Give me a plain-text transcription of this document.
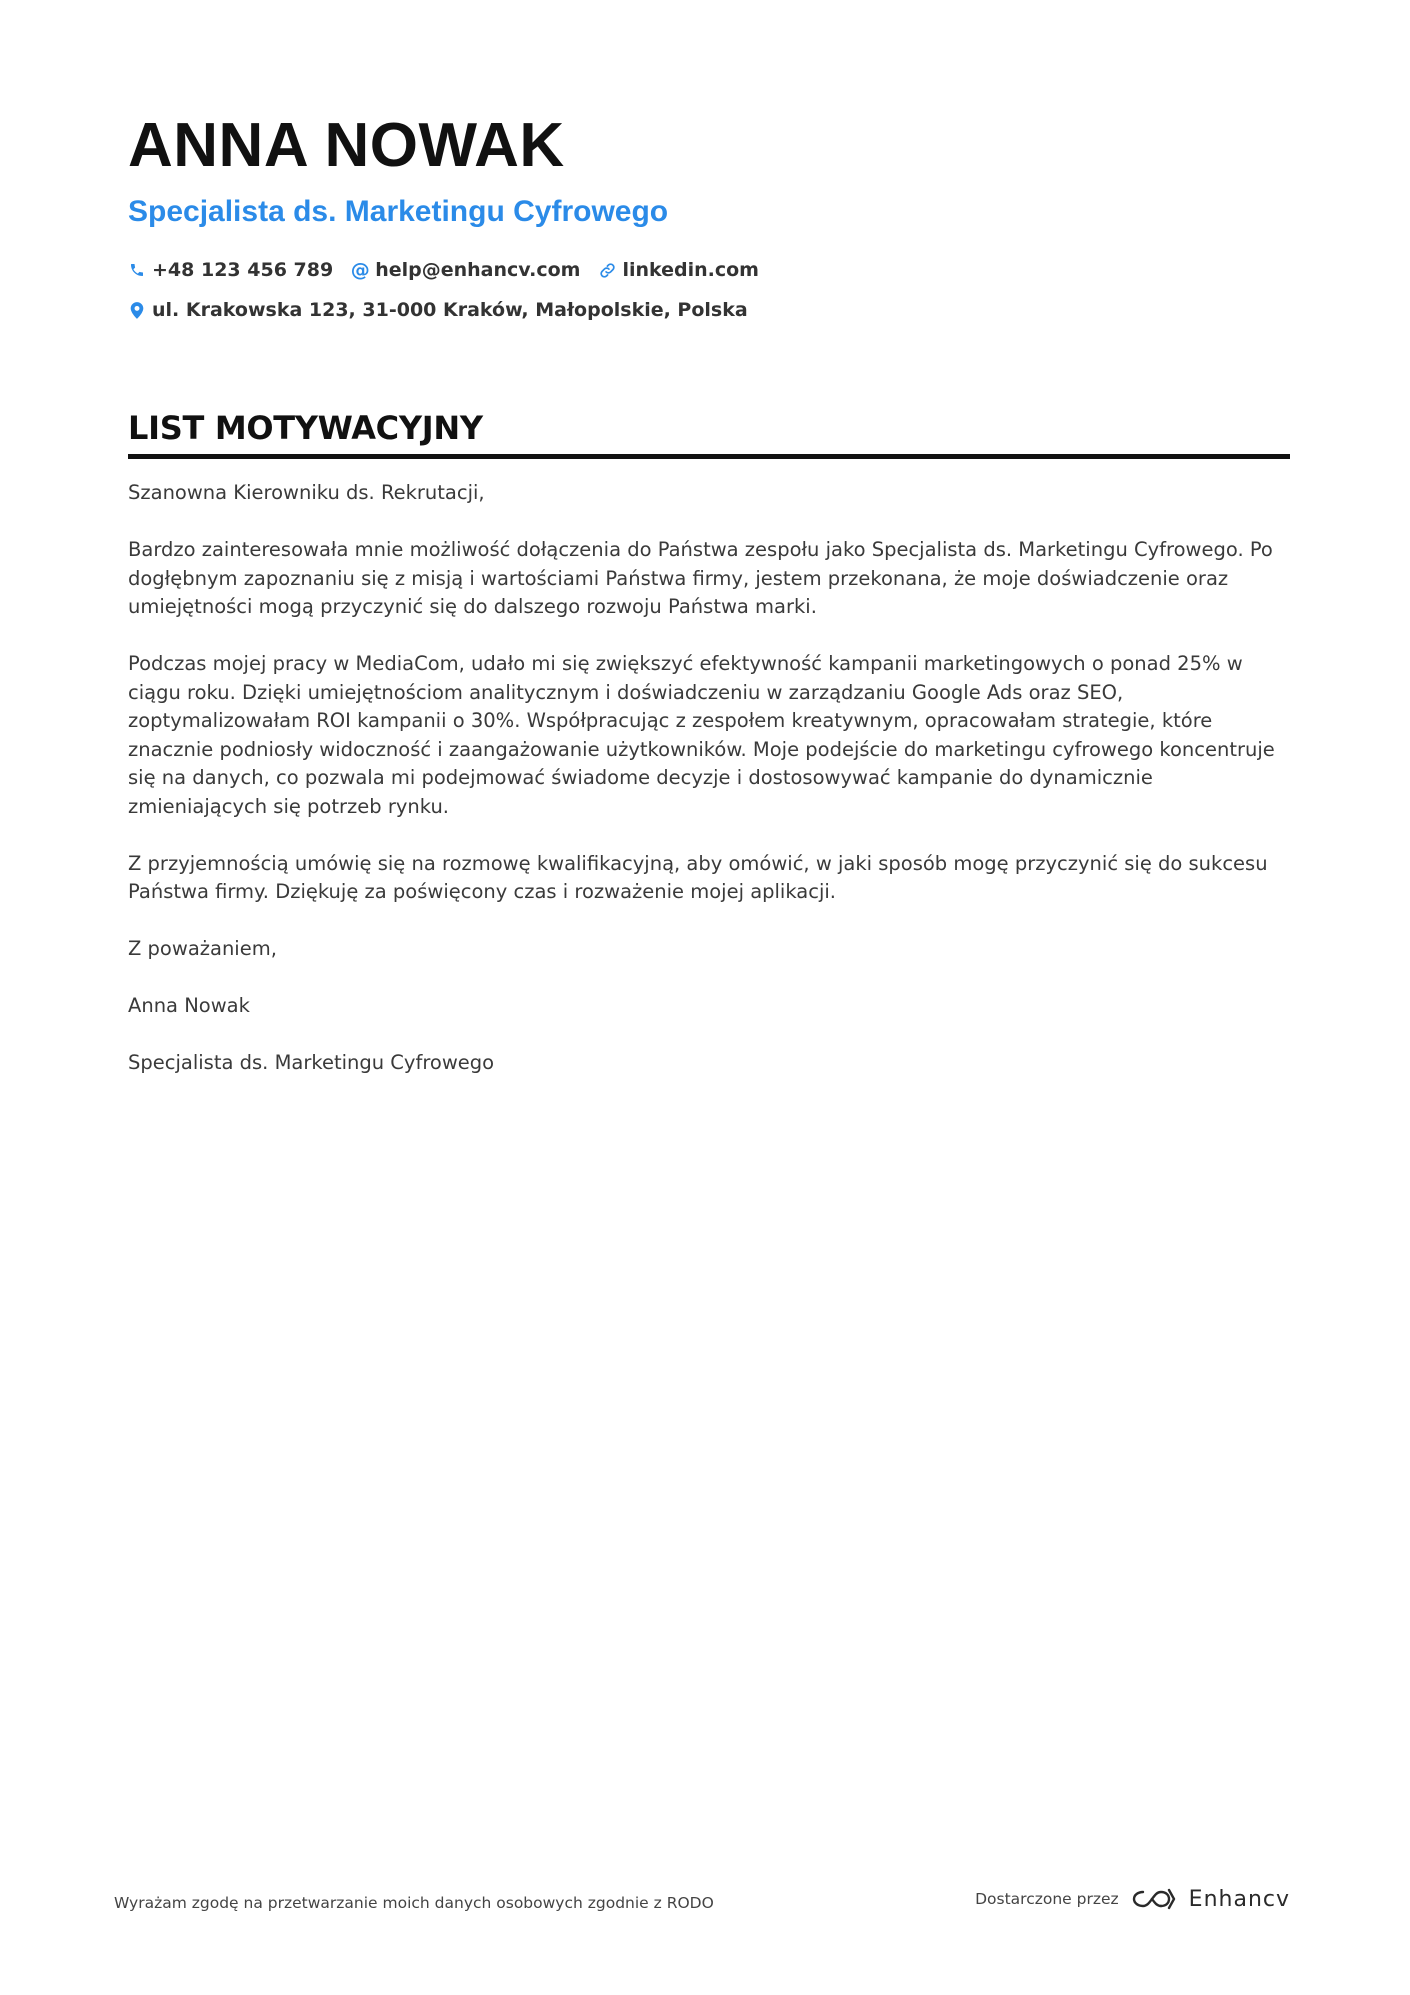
ANNA NOWAK
Specjalista ds. Marketingu Cyfrowego
+48 123 456 789 @ help@enhancv.com linkedin.com
ul. Krakowska 123, 31-000 Kraków, Małopolskie, Polska
LIST MOTYWACYJNY

Szanowna Kierowniku ds. Rekrutacji,

Bardzo zainteresowała mnie możliwość dołączenia do Państwa zespołu jako Specjalista ds. Marketingu Cyfrowego. Po dogłębnym zapoznaniu się z misją i wartościami Państwa firmy, jestem przekonana, że moje doświadczenie oraz umiejętności mogą przyczynić się do dalszego rozwoju Państwa marki.

Podczas mojej pracy w MediaCom, udało mi się zwiększyć efektywność kampanii marketingowych o ponad 25% w ciągu roku. Dzięki umiejętnościom analitycznym i doświadczeniu w zarządzaniu Google Ads oraz SEO, zoptymalizowałam ROI kampanii o 30%. Współpracując z zespołem kreatywnym, opracowałam strategie, które znacznie podniosły widoczność i zaangażowanie użytkowników. Moje podejście do marketingu cyfrowego koncentruje się na danych, co pozwala mi podejmować świadome decyzje i dostosowywać kampanie do dynamicznie zmieniających się potrzeb rynku.

Z przyjemnością umówię się na rozmowę kwalifikacyjną, aby omówić, w jaki sposób mogę przyczynić się do sukcesu Państwa firmy. Dziękuję za poświęcony czas i rozważenie mojej aplikacji.

Z poważaniem,

Anna Nowak

Specjalista ds. Marketingu Cyfrowego

Wyrażam zgodę na przetwarzanie moich danych osobowych zgodnie z RODO	Dostarczone przez	Enhancv
